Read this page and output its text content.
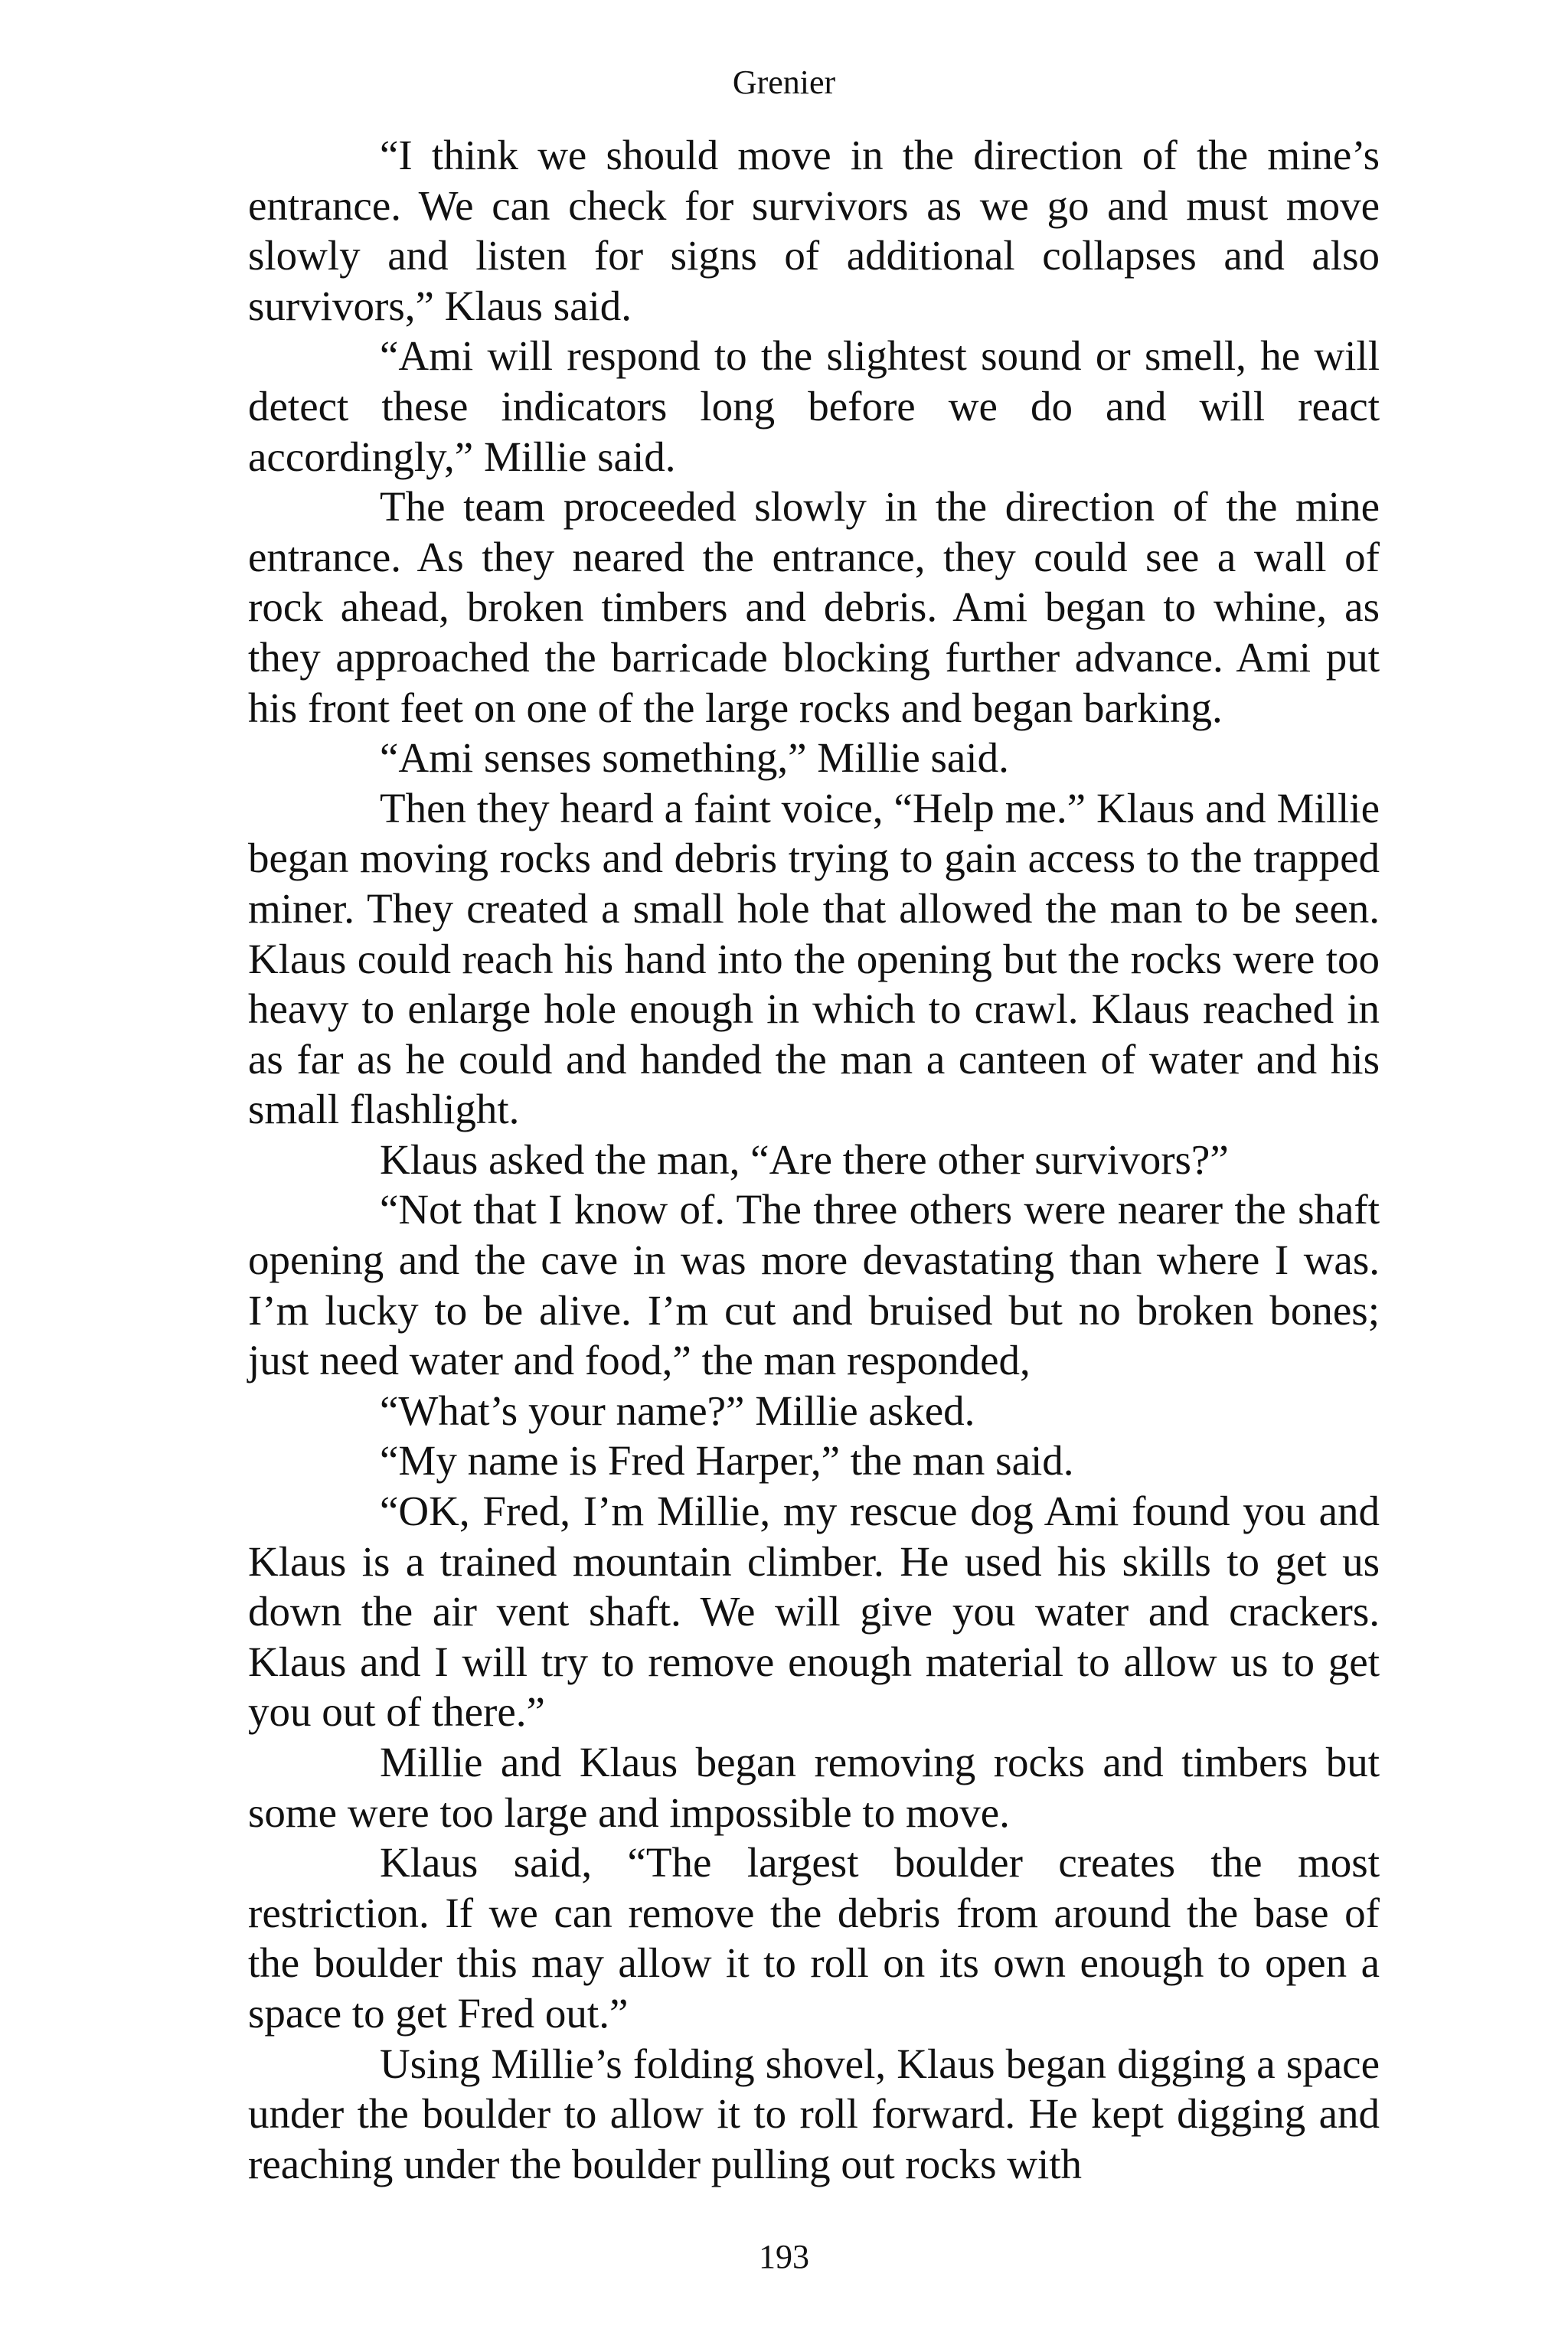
Grenier

“I think we should move in the direction of the mine’s entrance. We can check for survivors as we go and must move slowly and listen for signs of additional collapses and also survivors,” Klaus said.

“Ami will respond to the slightest sound or smell, he will detect these indicators long before we do and will react accordingly,” Millie said.

The team proceeded slowly in the direction of the mine entrance. As they neared the entrance, they could see a wall of rock ahead, broken timbers and debris. Ami began to whine, as they approached the barricade blocking further advance. Ami put his front feet on one of the large rocks and began barking.

“Ami senses something,” Millie said.

Then they heard a faint voice, “Help me.” Klaus and Millie began moving rocks and debris trying to gain access to the trapped miner. They created a small hole that allowed the man to be seen. Klaus could reach his hand into the opening but the rocks were too heavy to enlarge hole enough in which to crawl. Klaus reached in as far as he could and handed the man a canteen of water and his small flashlight.

Klaus asked the man, “Are there other survivors?”

“Not that I know of. The three others were nearer the shaft opening and the cave in was more devastating than where I was. I’m lucky to be alive. I’m cut and bruised but no broken bones; just need water and food,” the man responded,

“What’s your name?” Millie asked.

“My name is Fred Harper,” the man said.

“OK, Fred, I’m Millie, my rescue dog Ami found you and Klaus is a trained mountain climber. He used his skills to get us down the air vent shaft. We will give you water and crackers. Klaus and I will try to remove enough material to allow us to get you out of there.”

Millie and Klaus began removing rocks and timbers but some were too large and impossible to move.

Klaus said, “The largest boulder creates the most restriction. If we can remove the debris from around the base of the boulder this may allow it to roll on its own enough to open a space to get Fred out.”

Using Millie’s folding shovel, Klaus began digging a space under the boulder to allow it to roll forward. He kept digging and reaching under the boulder pulling out rocks with

193
